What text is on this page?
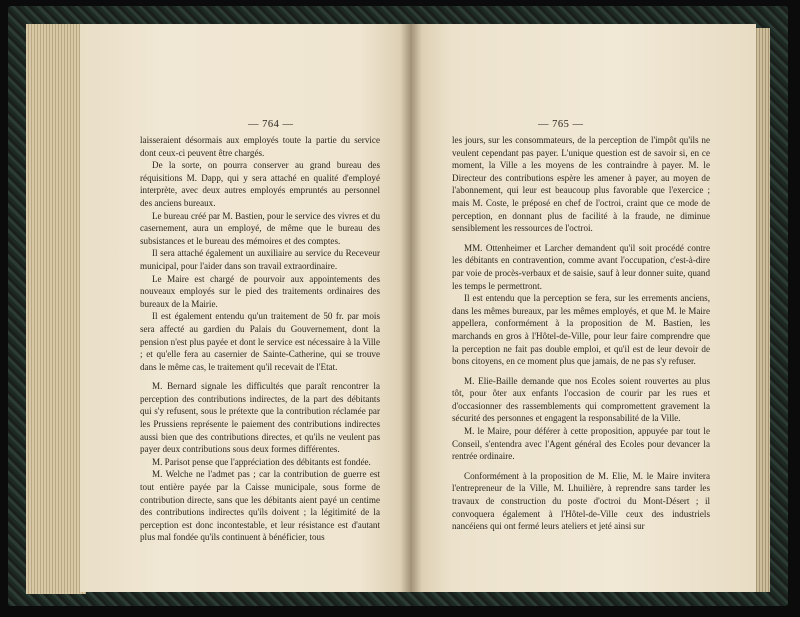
— 764 —

laisseraient désormais aux employés toute la partie du service dont ceux-ci peuvent être chargés.

De la sorte, on pourra conserver au grand bureau des réquisitions M. Dapp, qui y sera attaché en qualité d'employé interprète, avec deux autres employés empruntés au personnel des anciens bureaux.

Le bureau créé par M. Bastien, pour le service des vivres et du casernement, aura un employé, de même que le bureau des subsistances et le bureau des mémoires et des comptes.

Il sera attaché également un auxiliaire au service du Receveur municipal, pour l'aider dans son travail extraordinaire.

Le Maire est chargé de pourvoir aux appointements des nouveaux employés sur le pied des traitements ordinaires des bureaux de la Mairie.

Il est également entendu qu'un traitement de 50 fr. par mois sera affecté au gardien du Palais du Gouvernement, dont la pension n'est plus payée et dont le service est nécessaire à la Ville ; et qu'elle fera au casernier de Sainte-Catherine, qui se trouve dans le même cas, le traitement qu'il recevait de l'Etat.

M. Bernard signale les difficultés que paraît rencontrer la perception des contributions indirectes, de la part des débitants qui s'y refusent, sous le prétexte que la contribution réclamée par les Prussiens représente le paiement des contributions indirectes aussi bien que des contributions directes, et qu'ils ne veulent pas payer deux contributions sous deux formes différentes.

M. Parisot pense que l'appréciation des débitants est fondée.

M. Welche ne l'admet pas ; car la contribution de guerre est tout entière payée par la Caisse municipale, sous forme de contribution directe, sans que les débitants aient payé un centime des contributions indirectes qu'ils doivent ; la légitimité de la perception est donc incontestable, et leur résistance est d'autant plus mal fondée qu'ils continuent à bénéficier, tous

— 765 —

les jours, sur les consommateurs, de la perception de l'impôt qu'ils ne veulent cependant pas payer. L'unique question est de savoir si, en ce moment, la Ville a les moyens de les contraindre à payer. M. le Directeur des contributions espère les amener à payer, au moyen de l'abonnement, qui leur est beaucoup plus favorable que l'exercice ; mais M. Coste, le préposé en chef de l'octroi, craint que ce mode de perception, en donnant plus de facilité à la fraude, ne diminue sensiblement les ressources de l'octroi.

MM. Ottenheimer et Larcher demandent qu'il soit procédé contre les débitants en contravention, comme avant l'occupation, c'est-à-dire par voie de procès-verbaux et de saisie, sauf à leur donner suite, quand les temps le permettront.

Il est entendu que la perception se fera, sur les errements anciens, dans les mêmes bureaux, par les mêmes employés, et que M. le Maire appellera, conformément à la proposition de M. Bastien, les marchands en gros à l'Hôtel-de-Ville, pour leur faire comprendre que la perception ne fait pas double emploi, et qu'il est de leur devoir de bons citoyens, en ce moment plus que jamais, de ne pas s'y refuser.

M. Elie-Baille demande que nos Ecoles soient rouvertes au plus tôt, pour ôter aux enfants l'occasion de courir par les rues et d'occasionner des rassemblements qui compromettent gravement la sécurité des personnes et engagent la responsabilité de la Ville.

M. le Maire, pour déférer à cette proposition, appuyée par tout le Conseil, s'entendra avec l'Agent général des Ecoles pour devancer la rentrée ordinaire.

Conformément à la proposition de M. Elie, M. le Maire invitera l'entrepreneur de la Ville, M. Lhuilière, à reprendre sans tarder les travaux de construction du poste d'octroi du Mont-Désert ; il convoquera également à l'Hôtel-de-Ville ceux des industriels nancéiens qui ont fermé leurs ateliers et jeté ainsi sur
